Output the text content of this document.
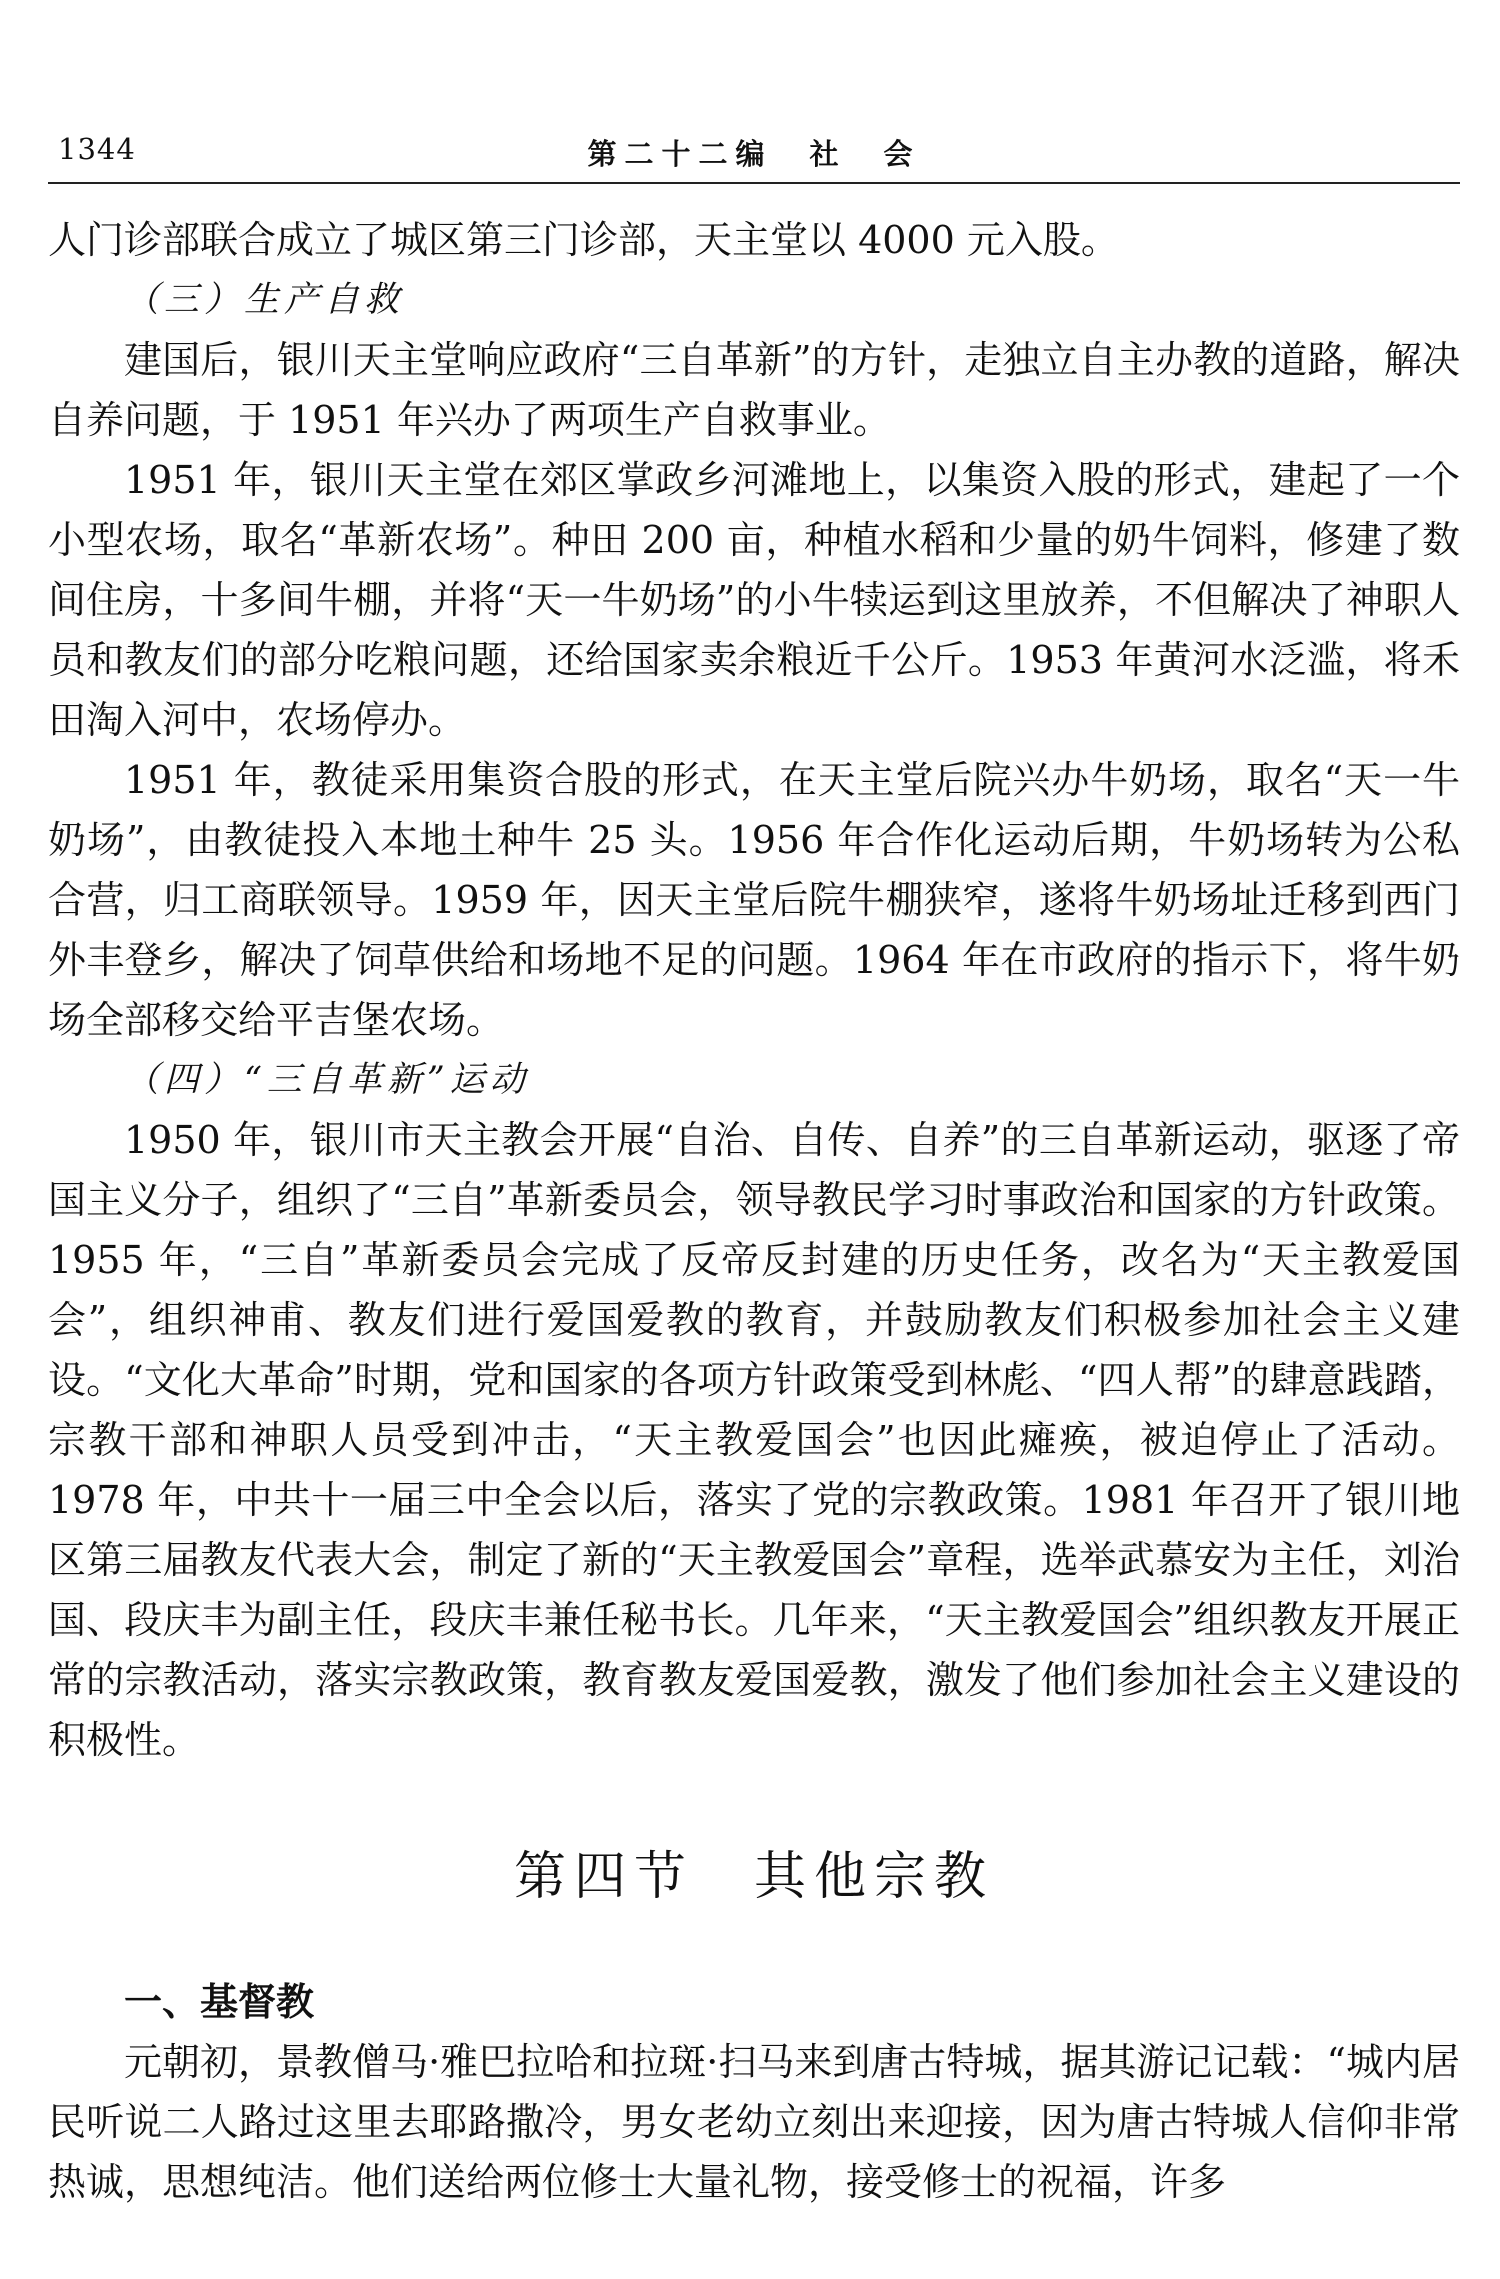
1344	第二十二编　社　会

人门诊部联合成立了城区第三门诊部，天主堂以 4000 元入股。

（三）生产自救

建国后，银川天主堂响应政府“三自革新”的方针，走独立自主办教的道路，解决自养问题，于 1951 年兴办了两项生产自救事业。

1951 年，银川天主堂在郊区掌政乡河滩地上，以集资入股的形式，建起了一个小型农场，取名“革新农场”。种田 200 亩，种植水稻和少量的奶牛饲料，修建了数间住房，十多间牛棚，并将“天一牛奶场”的小牛犊运到这里放养，不但解决了神职人员和教友们的部分吃粮问题，还给国家卖余粮近千公斤。1953 年黄河水泛滥，将禾田淘入河中，农场停办。

1951 年，教徒采用集资合股的形式，在天主堂后院兴办牛奶场，取名“天一牛奶场”，由教徒投入本地土种牛 25 头。1956 年合作化运动后期，牛奶场转为公私合营，归工商联领导。1959 年，因天主堂后院牛棚狭窄，遂将牛奶场址迁移到西门外丰登乡，解决了饲草供给和场地不足的问题。1964 年在市政府的指示下，将牛奶场全部移交给平吉堡农场。

（四）“三自革新”运动

1950 年，银川市天主教会开展“自治、自传、自养”的三自革新运动，驱逐了帝国主义分子，组织了“三自”革新委员会，领导教民学习时事政治和国家的方针政策。1955 年，“三自”革新委员会完成了反帝反封建的历史任务，改名为“天主教爱国会”，组织神甫、教友们进行爱国爱教的教育，并鼓励教友们积极参加社会主义建设。“文化大革命”时期，党和国家的各项方针政策受到林彪、“四人帮”的肆意践踏，宗教干部和神职人员受到冲击，“天主教爱国会”也因此瘫痪，被迫停止了活动。1978 年，中共十一届三中全会以后，落实了党的宗教政策。1981 年召开了银川地区第三届教友代表大会，制定了新的“天主教爱国会”章程，选举武慕安为主任，刘治国、段庆丰为副主任，段庆丰兼任秘书长。几年来，“天主教爱国会”组织教友开展正常的宗教活动，落实宗教政策，教育教友爱国爱教，激发了他们参加社会主义建设的积极性。

第四节 其他宗教
一、基督教

元朝初，景教僧马·雅巴拉哈和拉斑·扫马来到唐古特城，据其游记记载：“城内居民听说二人路过这里去耶路撒冷，男女老幼立刻出来迎接，因为唐古特城人信仰非常热诚，思想纯洁。他们送给两位修士大量礼物，接受修士的祝福，许多
